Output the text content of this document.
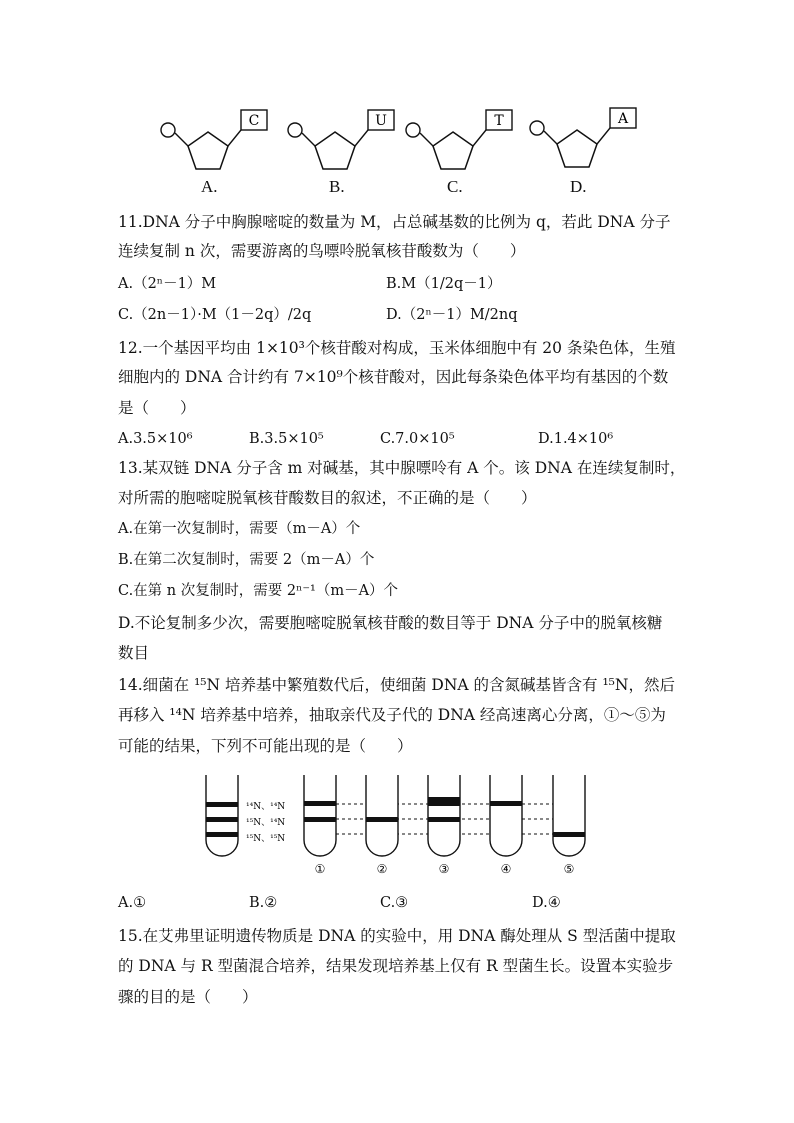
C	U	T	A
A.	B.	C.	D.
11.DNA 分子中胸腺嘧啶的数量为 M，占总碱基数的比例为 q，若此 DNA 分子
连续复制 n 次，需要游离的鸟嘌呤脱氧核苷酸数为（　　）
A.（2ⁿ－1）M	B.M（1/2q－1）
C.（2n－1）·M（1－2q）/2q	D.（2ⁿ－1）M/2nq
12.一个基因平均由 1×10³个核苷酸对构成，玉米体细胞中有 20 条染色体，生殖
细胞内的 DNA 合计约有 7×10⁹个核苷酸对，因此每条染色体平均有基因的个数
是（　　）
A.3.5×10⁶	B.3.5×10⁵	C.7.0×10⁵	D.1.4×10⁶
13.某双链 DNA 分子含 m 对碱基，其中腺嘌呤有 A 个。该 DNA 在连续复制时，
对所需的胞嘧啶脱氧核苷酸数目的叙述，不正确的是（　　）
A.在第一次复制时，需要（m－A）个
B.在第二次复制时，需要 2（m－A）个
C.在第 n 次复制时，需要 2ⁿ⁻¹（m－A）个
D.不论复制多少次，需要胞嘧啶脱氧核苷酸的数目等于 DNA 分子中的脱氧核糖
数目
14.细菌在 ¹⁵N 培养基中繁殖数代后，使细菌 DNA 的含氮碱基皆含有 ¹⁵N，然后
再移入 ¹⁴N 培养基中培养，抽取亲代及子代的 DNA 经高速离心分离，①～⑤为
可能的结果，下列不可能出现的是（　　）
¹⁴N、¹⁴N
¹⁵N、¹⁴N
¹⁵N、¹⁵N
①	②	③	④	⑤
A.①	B.②	C.③	D.④
15.在艾弗里证明遗传物质是 DNA 的实验中，用 DNA 酶处理从 S 型活菌中提取
的 DNA 与 R 型菌混合培养，结果发现培养基上仅有 R 型菌生长。设置本实验步
骤的目的是（　　）
